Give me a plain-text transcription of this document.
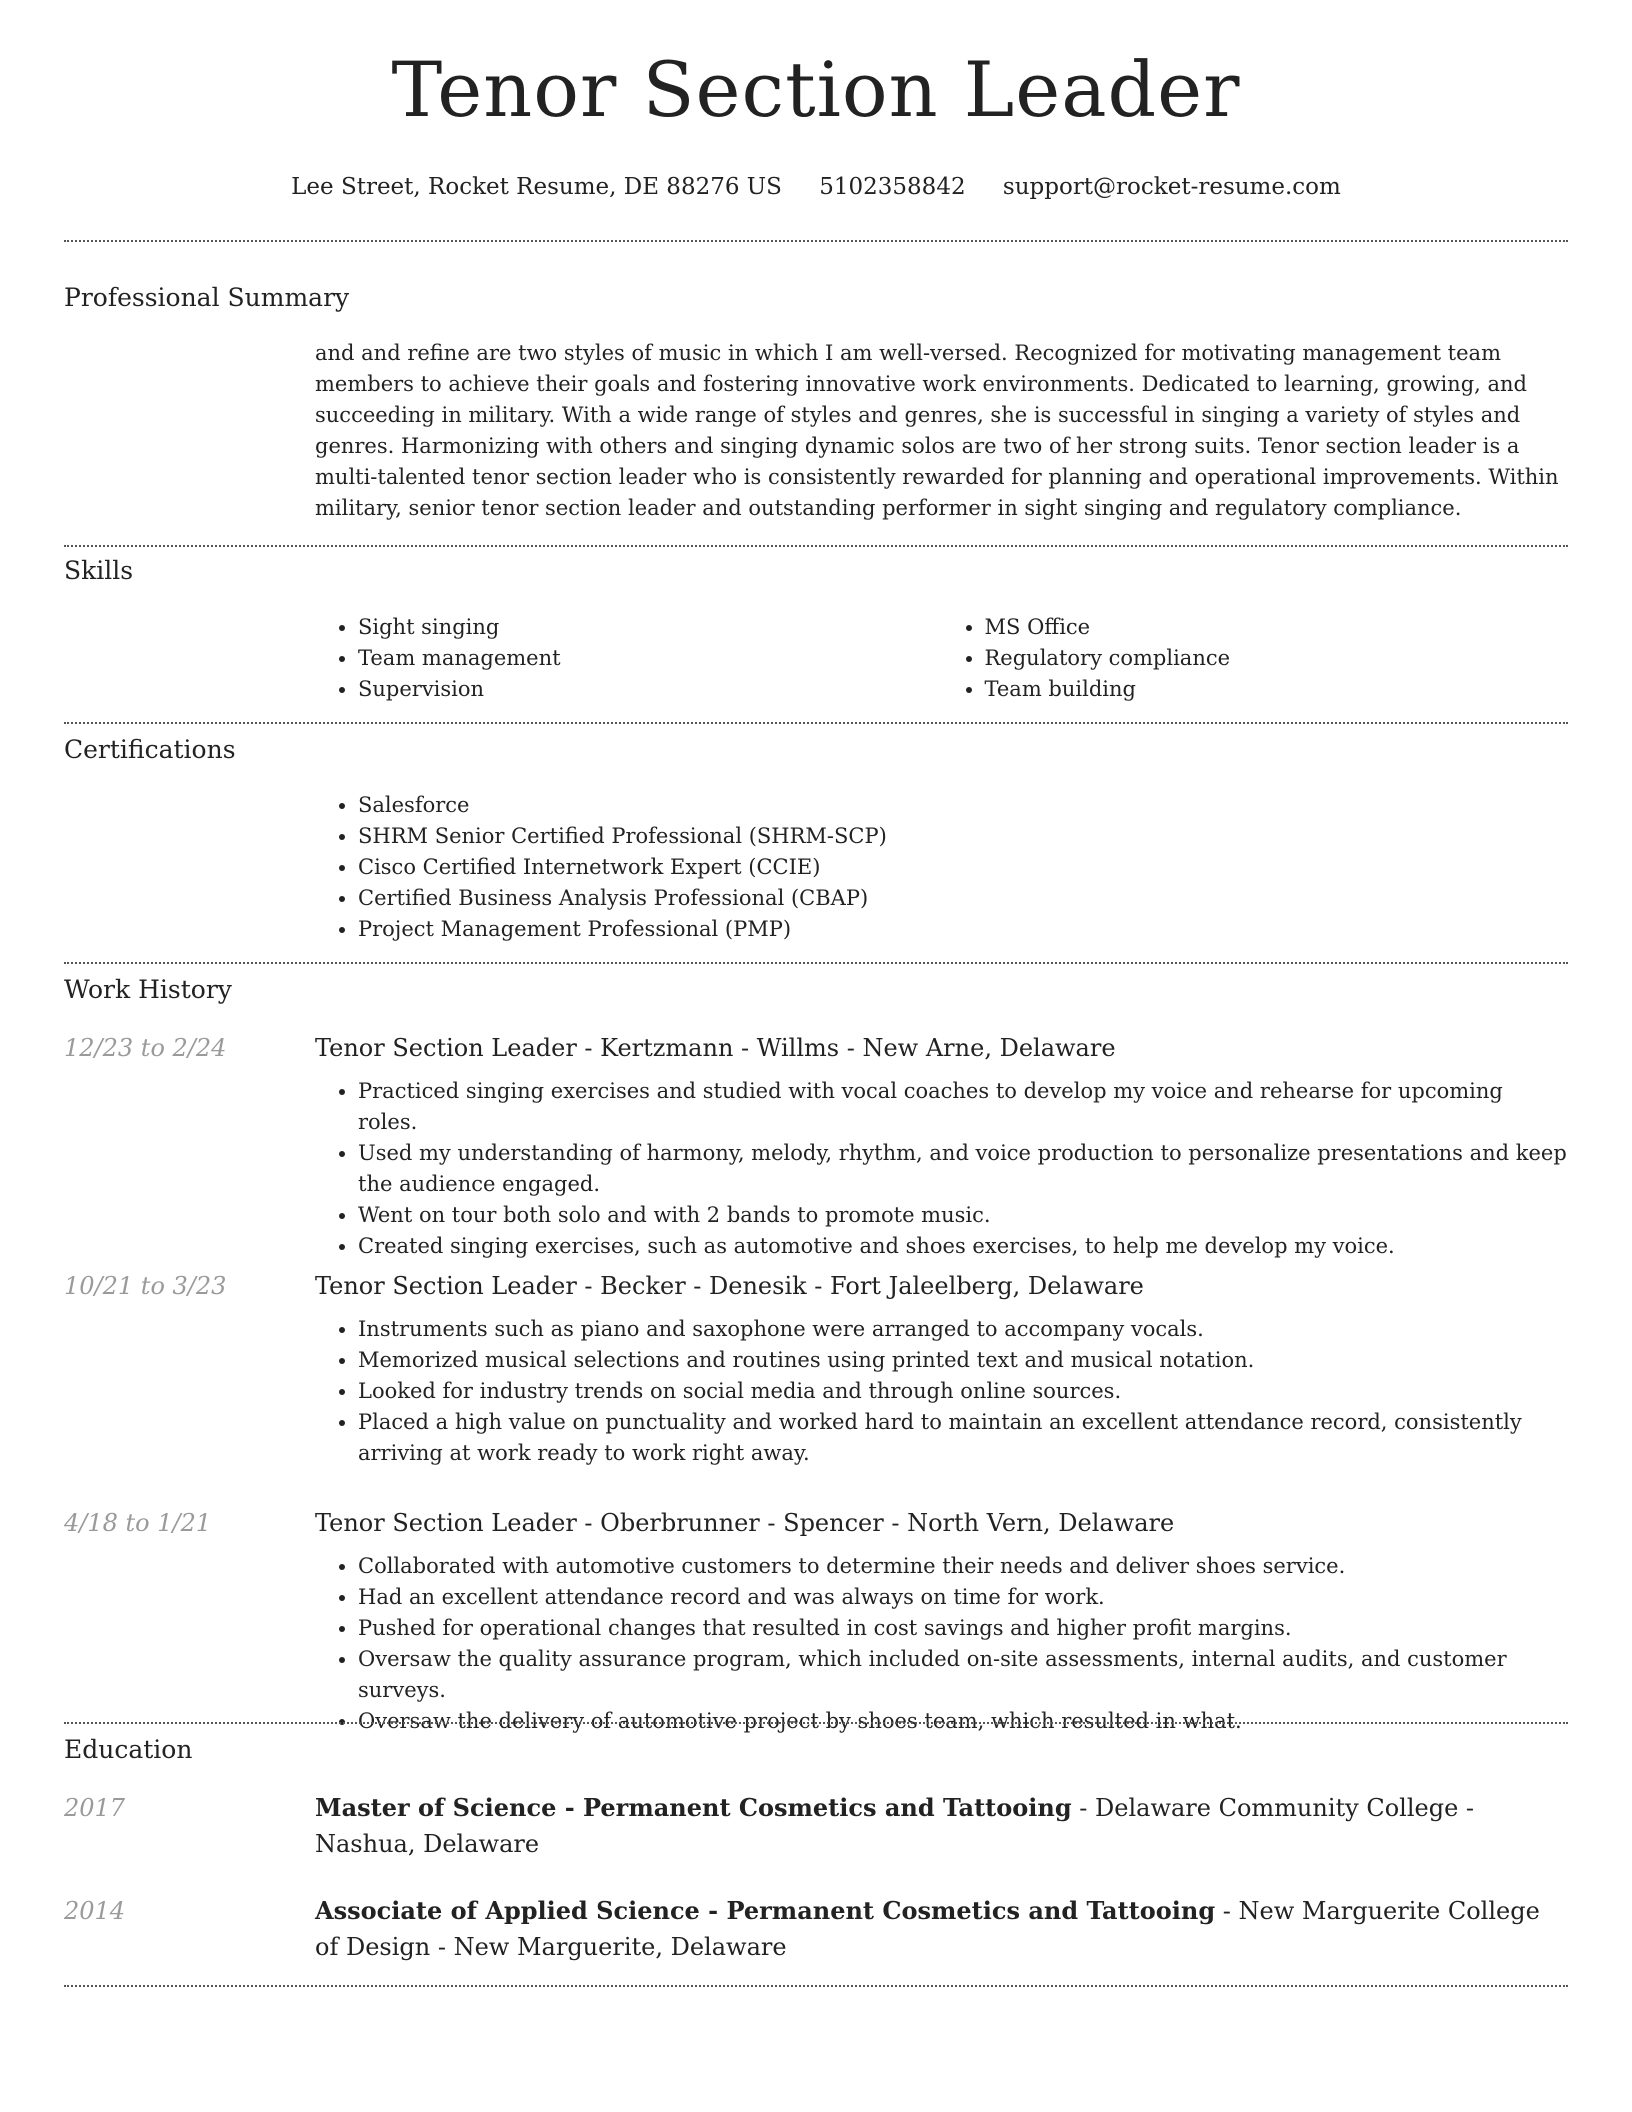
Tenor Section Leader
Lee Street, Rocket Resume, DE 88276 US 5102358842 support@rocket-resume.com
Professional Summary

and and refine are two styles of music in which I am well-versed. Recognized for motivating management team members to achieve their goals and fostering innovative work environments. Dedicated to learning, growing, and succeeding in military. With a wide range of styles and genres, she is successful in singing a variety of styles and genres. Harmonizing with others and singing dynamic solos are two of her strong suits. Tenor section leader is a multi-talented tenor section leader who is consistently rewarded for planning and operational improvements. Within military, senior tenor section leader and outstanding performer in sight singing and regulatory compliance.

Skills
• Sight singing
• Team management
• Supervision
• MS Office
• Regulatory compliance
• Team building
Certifications
• Salesforce
• SHRM Senior Certified Professional (SHRM-SCP)
• Cisco Certified Internetwork Expert (CCIE)
• Certified Business Analysis Professional (CBAP)
• Project Management Professional (PMP)
Work History
12/23 to 2/24	Tenor Section Leader - Kertzmann - Willms - New Arne, Delaware
• Practiced singing exercises and studied with vocal coaches to develop my voice and rehearse for upcoming roles.
• Used my understanding of harmony, melody, rhythm, and voice production to personalize presentations and keep the audience engaged.
• Went on tour both solo and with 2 bands to promote music.
• Created singing exercises, such as automotive and shoes exercises, to help me develop my voice.
10/21 to 3/23	Tenor Section Leader - Becker - Denesik - Fort Jaleelberg, Delaware
• Instruments such as piano and saxophone were arranged to accompany vocals.
• Memorized musical selections and routines using printed text and musical notation.
• Looked for industry trends on social media and through online sources.
• Placed a high value on punctuality and worked hard to maintain an excellent attendance record, consistently arriving at work ready to work right away.
4/18 to 1/21	Tenor Section Leader - Oberbrunner - Spencer - North Vern, Delaware
• Collaborated with automotive customers to determine their needs and deliver shoes service.
• Had an excellent attendance record and was always on time for work.
• Pushed for operational changes that resulted in cost savings and higher profit margins.
• Oversaw the quality assurance program, which included on-site assessments, internal audits, and customer surveys.
• Oversaw the delivery of automotive project by shoes team, which resulted in what.
Education
2017	Master of Science - Permanent Cosmetics and Tattooing - Delaware Community College - Nashua, Delaware
2014	Associate of Applied Science - Permanent Cosmetics and Tattooing - New Marguerite College of Design - New Marguerite, Delaware
